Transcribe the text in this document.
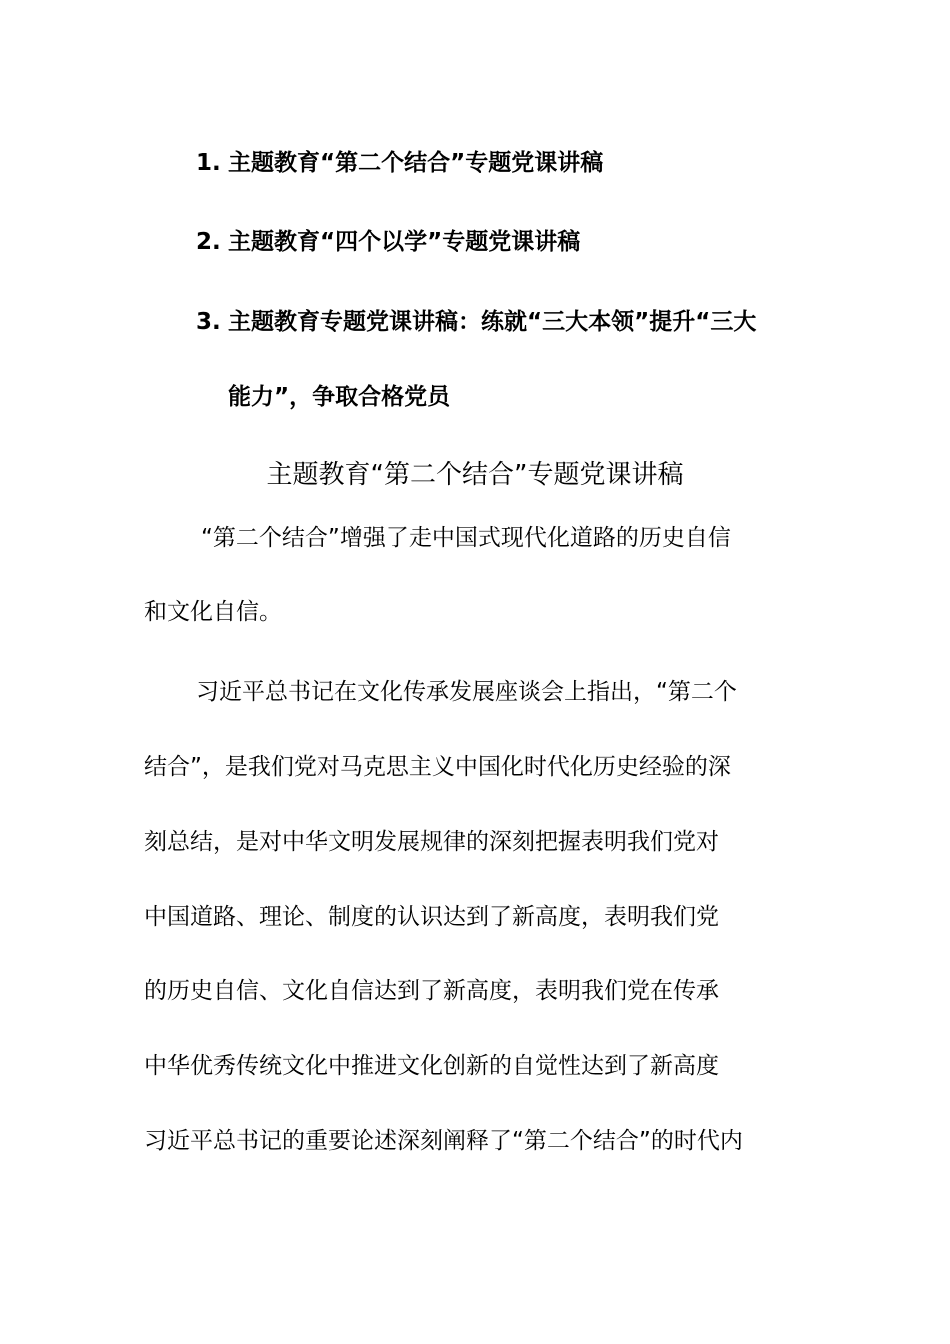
1. 主题教育“第二个结合”专题党课讲稿
2. 主题教育“四个以学”专题党课讲稿
3. 主题教育专题党课讲稿：练就“三大本领”提升“三大
能力”，争取合格党员
主题教育“第二个结合”专题党课讲稿
“第二个结合”增强了走中国式现代化道路的历史自信
和文化自信。
习近平总书记在文化传承发展座谈会上指出，“第二个
结合”，是我们党对马克思主义中国化时代化历史经验的深
刻总结，是对中华文明发展规律的深刻把握表明我们党对
中国道路、理论、制度的认识达到了新高度，表明我们党
的历史自信、文化自信达到了新高度，表明我们党在传承
中华优秀传统文化中推进文化创新的自觉性达到了新高度
习近平总书记的重要论述深刻阐释了“第二个结合”的时代内
